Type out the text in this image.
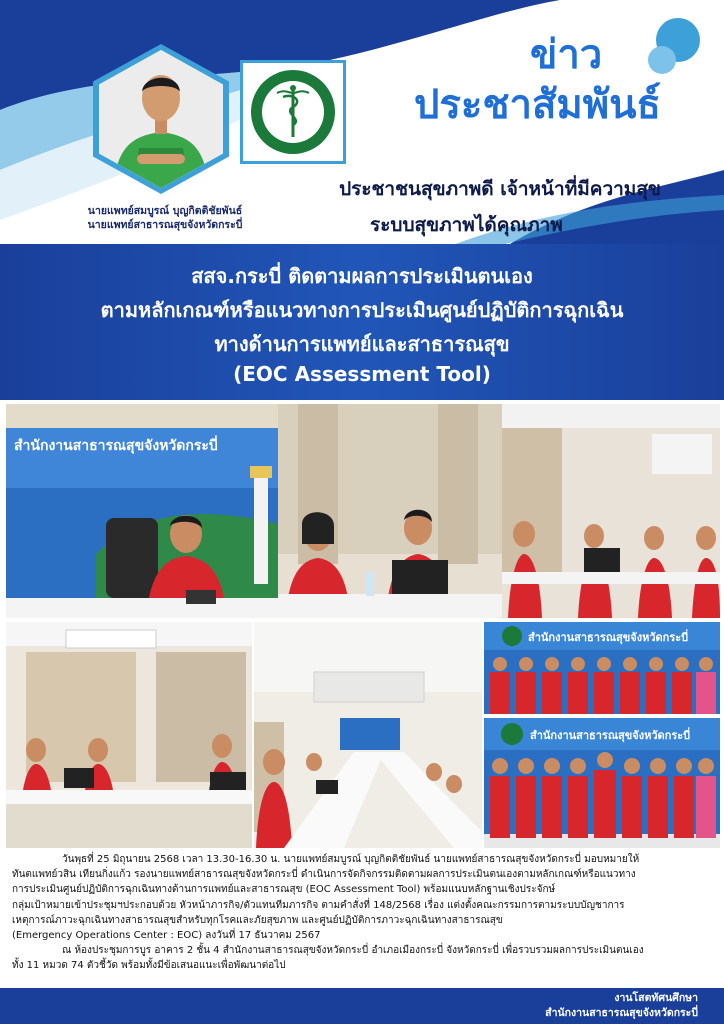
นายแพทย์สมบูรณ์ บุญกิตติชัยพันธ์
นายแพทย์สาธารณสุขจังหวัดกระบี่
ข่าว
ประชาสัมพันธ์
ประชาชนสุขภาพดี เจ้าหน้าที่มีความสุข
ระบบสุขภาพได้คุณภาพ
สสจ.กระบี่ ติดตามผลการประเมินตนเอง
ตามหลักเกณฑ์หรือแนวทางการประเมินศูนย์ปฏิบัติการฉุกเฉิน
ทางด้านการแพทย์และสาธารณสุข
(EOC Assessment Tool)
สำนักงานสาธารณสุขจังหวัดกระบี่
สำนักงานสาธารณสุขจังหวัดกระบี่
สำนักงานสาธารณสุขจังหวัดกระบี่

วันพุธที่ 25 มิถุนายน 2568 เวลา 13.30-16.30 น. นายแพทย์สมบูรณ์ บุญกิตติชัยพันธ์ นายแพทย์สาธารณสุขจังหวัดกระบี่ มอบหมายให้

ทันตแพทย์วสิน เทียนกิ่งแก้ว รองนายแพทย์สาธารณสุขจังหวัดกระบี่ ดำเนินการจัดกิจกรรมติดตามผลการประเมินตนเองตามหลักเกณฑ์หรือแนวทาง

การประเมินศูนย์ปฏิบัติการฉุกเฉินทางด้านการแพทย์และสาธารณสุข (EOC Assessment Tool) พร้อมแนบหลักฐานเชิงประจักษ์

กลุ่มเป้าหมายเข้าประชุมฯประกอบด้วย หัวหน้าภารกิจ/ตัวแทนทีมภารกิจ ตามคำสั่งที่ 148/2568 เรื่อง แต่งตั้งคณะกรรมการตามระบบบัญชาการ

เหตุการณ์ภาวะฉุกเฉินทางสาธารณสุขสำหรับทุกโรคและภัยสุขภาพ และศูนย์ปฏิบัติการภาวะฉุกเฉินทางสาธารณสุข

(Emergency Operations Center : EOC) ลงวันที่ 17 ธันวาคม 2567

ณ ห้องประชุมการบูร อาคาร 2 ชั้น 4 สำนักงานสาธารณสุขจังหวัดกระบี่ อำเภอเมืองกระบี่ จังหวัดกระบี่ เพื่อรวบรวมผลการประเมินตนเอง

ทั้ง 11 หมวด 74 ตัวชี้วัด พร้อมทั้งมีข้อเสนอแนะเพื่อพัฒนาต่อไป

งานโสตทัศนศึกษา
สำนักงานสาธารณสุขจังหวัดกระบี่
